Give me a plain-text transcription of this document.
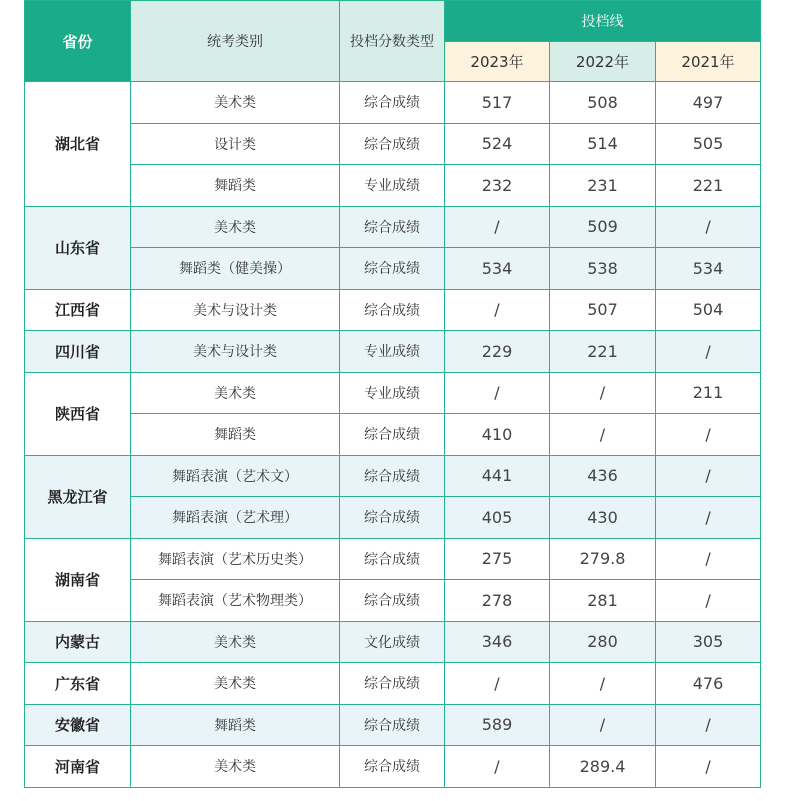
省份	统考类别	投档分数类型	投档线		
			2023年	2022年	2021年
湖北省	美术类	综合成绩	517	508	497
	设计类	综合成绩	524	514	505
	舞蹈类	专业成绩	232	231	221
山东省	美术类	综合成绩	/	509	/
	舞蹈类（健美操）	综合成绩	534	538	534
江西省	美术与设计类	综合成绩	/	507	504
四川省	美术与设计类	专业成绩	229	221	/
陕西省	美术类	专业成绩	/	/	211
	舞蹈类	综合成绩	410	/	/
黑龙江省	舞蹈表演（艺术文）	综合成绩	441	436	/
	舞蹈表演（艺术理）	综合成绩	405	430	/
湖南省	舞蹈表演（艺术历史类）	综合成绩	275	279.8	/
	舞蹈表演（艺术物理类）	综合成绩	278	281	/
内蒙古	美术类	文化成绩	346	280	305
广东省	美术类	综合成绩	/	/	476
安徽省	舞蹈类	综合成绩	589	/	/
河南省	美术类	综合成绩	/	289.4	/
